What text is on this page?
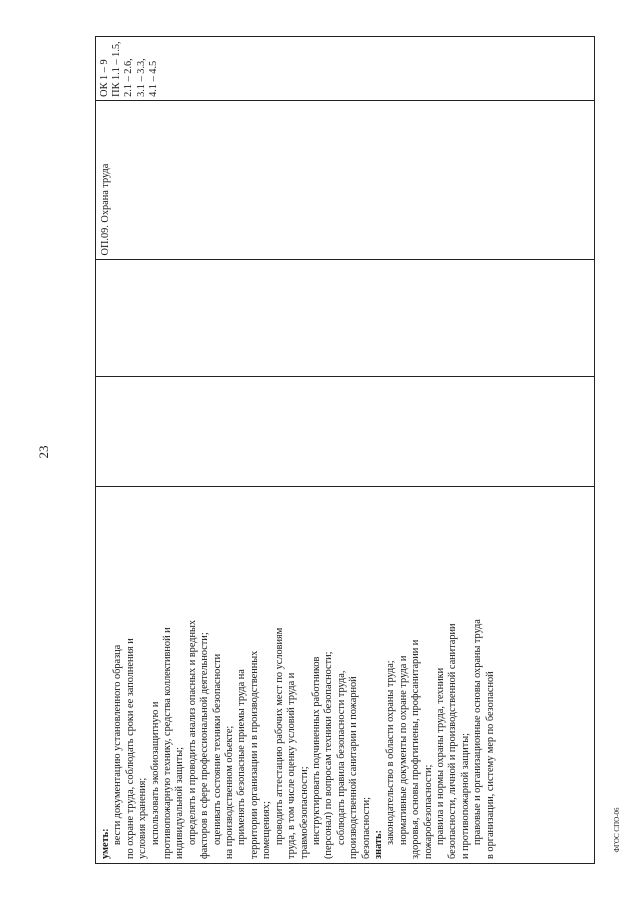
23
уметь: вести документацию установленного образца по охране труда, соблюдать сроки ее заполнения и условия хранения; использовать экобиозащитную и противопожарную технику, средства коллективной и индивидуальной защиты; определять и проводить анализ опасных и вредных факторов в сфере профессиональной деятельности; оценивать состояние техники безопасности на производственном объекте; применять безопасные приемы труда на территории организации и в производственных помещениях; проводить аттестацию рабочих мест по условиям труда, в том числе оценку условий труда и травмобезопасности; инструктировать подчиненных работников (персонал) по вопросам техники безопасности; соблюдать правила безопасности труда, производственной санитарии и пожарной безопасности; знать: законодательство в области охраны труда; нормативные документы по охране труда и здоровья, основы профгигиены, профсанитарии и пожаробезопасности; правила и нормы охраны труда, техники безопасности, личной и производственной санитарии и противопожарной защиты; правовые и организационные основы охраны труда в организации, систему мер по безопасной
ОП.09. Охрана труда
ОК 1 – 9 ПК 1.1 – 1.5, 2.1 – 2.6, 3.1 – 3.3, 4.1 – 4.5
ФГОС СПО-06
